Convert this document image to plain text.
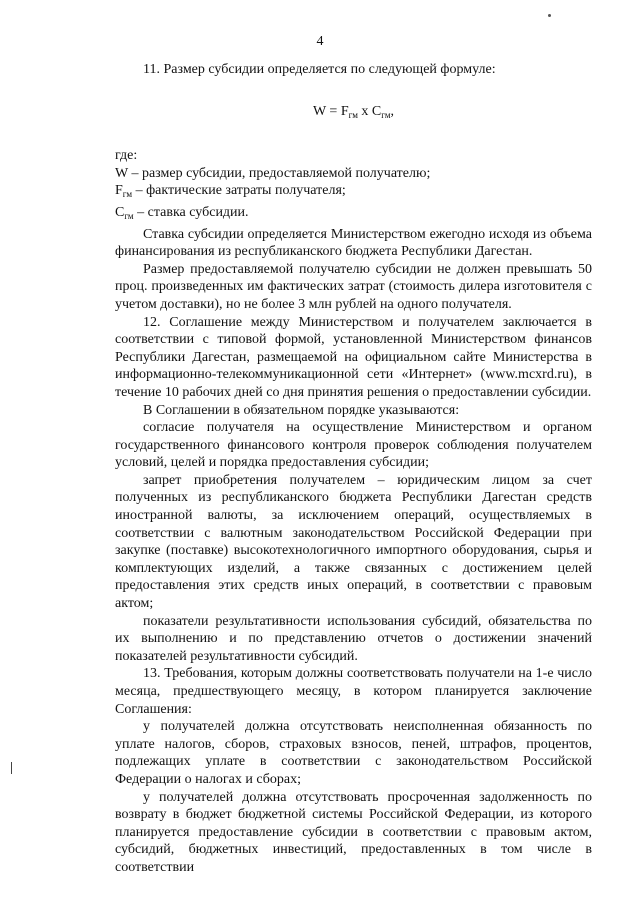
4

11. Размер субсидии определяется по следующей формуле:

$W = F_{гм}$ x $C_{гм}$,

где:

W – размер субсидии, предоставляемой получателю;

$F_{гм}$ – фактические затраты получателя;

$C_{гм}$ – ставка субсидии.

Ставка субсидии определяется Министерством ежегодно исходя из объема финансирования из республиканского бюджета Республики Дагестан.

Размер предоставляемой получателю субсидии не должен превышать 50 проц. произведенных им фактических затрат (стоимость дилера изготовителя с учетом доставки), но не более 3 млн рублей на одного получателя.

12. Соглашение между Министерством и получателем заключается в соответствии с типовой формой, установленной Министерством финансов Республики Дагестан, размещаемой на официальном сайте Министерства в информационно-телекоммуникационной сети «Интернет» (www.mcxrd.ru), в течение 10 рабочих дней со дня принятия решения о предоставлении субсидии.

В Соглашении в обязательном порядке указываются:

согласие получателя на осуществление Министерством и органом государственного финансового контроля проверок соблюдения получателем условий, целей и порядка предоставления субсидии;

запрет приобретения получателем – юридическим лицом за счет полученных из республиканского бюджета Республики Дагестан средств иностранной валюты, за исключением операций, осуществляемых в соответствии с валютным законодательством Российской Федерации при закупке (поставке) высокотехнологичного импортного оборудования, сырья и комплектующих изделий, а также связанных с достижением целей предоставления этих средств иных операций, в соответствии с правовым актом;

показатели результативности использования субсидий, обязательства по их выполнению и по представлению отчетов о достижении значений показателей результативности субсидий.

13. Требования, которым должны соответствовать получатели на 1-е число месяца, предшествующего месяцу, в котором планируется заключение Соглашения:

у получателей должна отсутствовать неисполненная обязанность по уплате налогов, сборов, страховых взносов, пеней, штрафов, процентов, подлежащих уплате в соответствии с законодательством Российской Федерации о налогах и сборах;

у получателей должна отсутствовать просроченная задолженность по возврату в бюджет бюджетной системы Российской Федерации, из которого планируется предоставление субсидии в соответствии с правовым актом, субсидий, бюджетных инвестиций, предоставленных в том числе в соответствии
